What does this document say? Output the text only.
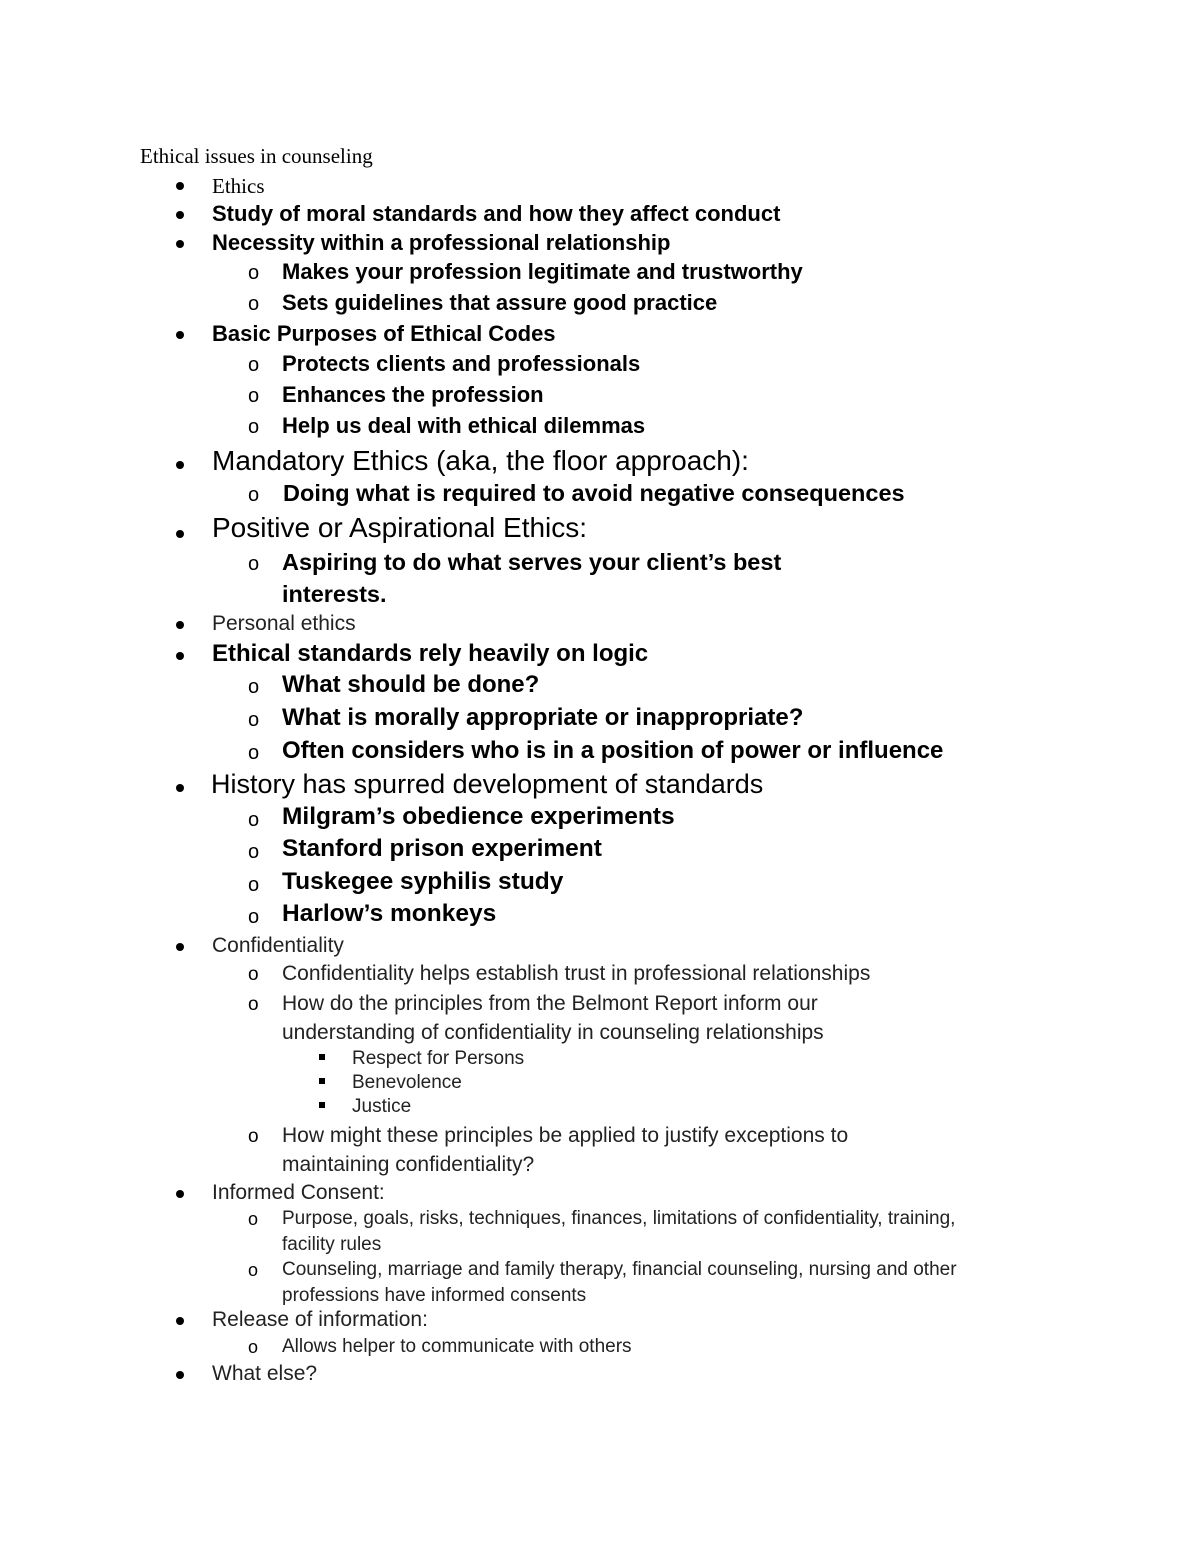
Ethical issues in counseling
Ethics
Study of moral standards and how they affect conduct
Necessity within a professional relationship
o Makes your profession legitimate and trustworthy
o Sets guidelines that assure good practice
Basic Purposes of Ethical Codes
o Protects clients and professionals
o Enhances the profession
o Help us deal with ethical dilemmas
Mandatory Ethics (aka, the floor approach):
o Doing what is required to avoid negative consequences
Positive or Aspirational Ethics:
o Aspiring to do what serves your client’s best
interests.
Personal ethics
Ethical standards rely heavily on logic
o What should be done?
o What is morally appropriate or inappropriate?
o Often considers who is in a position of power or influence
History has spurred development of standards
o Milgram’s obedience experiments
o Stanford prison experiment
o Tuskegee syphilis study
o Harlow’s monkeys
Confidentiality
o Confidentiality helps establish trust in professional relationships
o How do the principles from the Belmont Report inform our
understanding of confidentiality in counseling relationships
Respect for Persons
Benevolence
Justice
o How might these principles be applied to justify exceptions to
maintaining confidentiality?
Informed Consent:
o Purpose, goals, risks, techniques, finances, limitations of confidentiality, training,
facility rules
o Counseling, marriage and family therapy, financial counseling, nursing and other
professions have informed consents
Release of information:
o Allows helper to communicate with others
What else?
